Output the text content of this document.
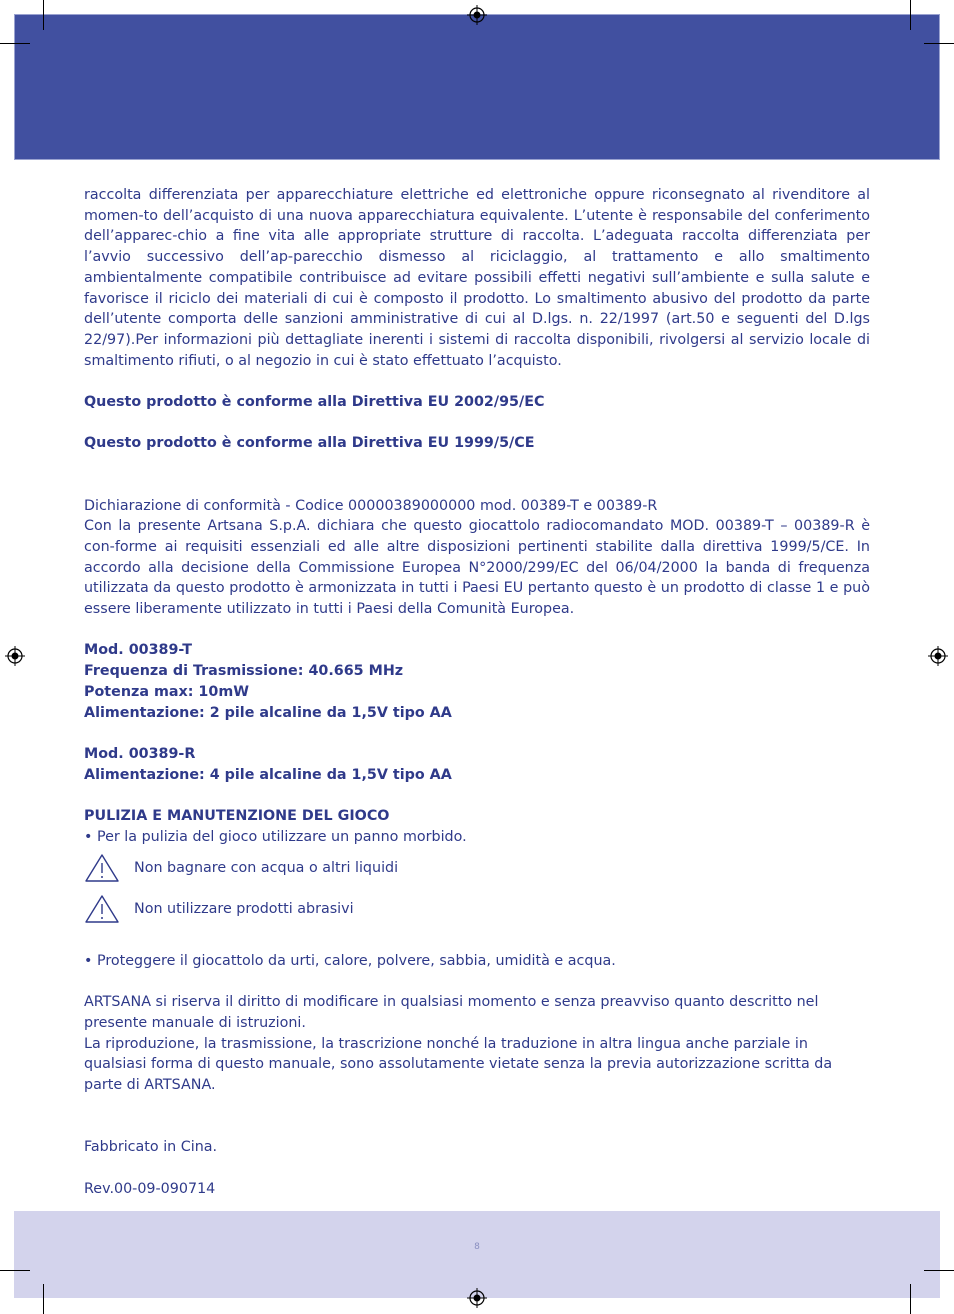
8

raccolta differenziata per apparecchiature elettriche ed elettroniche oppure riconsegnato al rivenditore al momen-to dell’acquisto di una nuova apparecchiatura equivalente. L’utente è responsabile del conferimento dell’apparec-chio a fine vita alle appropriate strutture di raccolta. L’adeguata raccolta differenziata per l’avvio successivo dell’ap-parecchio dismesso al riciclaggio, al trattamento e allo smaltimento ambientalmente compatibile contribuisce ad evitare possibili effetti negativi sull’ambiente e sulla salute e favorisce il riciclo dei materiali di cui è composto il prodotto. Lo smaltimento abusivo del prodotto da parte dell’utente comporta delle sanzioni amministrative di cui al D.lgs. n. 22/1997 (art.50 e seguenti del D.lgs 22/97).Per informazioni più dettagliate inerenti i sistemi di raccolta disponibili, rivolgersi al servizio locale di smaltimento rifiuti, o al negozio in cui è stato effettuato l’acquisto.

Questo prodotto è conforme alla Direttiva EU 2002/95/EC

Questo prodotto è conforme alla Direttiva EU 1999/5/CE

Dichiarazione di conformità - Codice 00000389000000 mod. 00389-T e 00389-R

Con la presente Artsana S.p.A. dichiara che questo giocattolo radiocomandato MOD. 00389-T – 00389-R è con-forme ai requisiti essenziali ed alle altre disposizioni pertinenti stabilite dalla direttiva 1999/5/CE. In accordo alla decisione della Commissione Europea N°2000/299/EC del 06/04/2000 la banda di frequenza utilizzata da questo prodotto è armonizzata in tutti i Paesi EU pertanto questo è un prodotto di classe 1 e può essere liberamente utilizzato in tutti i Paesi della Comunità Europea.

Mod. 00389-T

Frequenza di Trasmissione: 40.665 MHz

Potenza max: 10mW

Alimentazione: 2 pile alcaline da 1,5V tipo AA

Mod. 00389-R

Alimentazione: 4 pile alcaline da 1,5V tipo AA

PULIZIA E MANUTENZIONE DEL GIOCO

• Per la pulizia del gioco utilizzare un panno morbido.

Non bagnare con acqua o altri liquidi
Non utilizzare prodotti abrasivi

• Proteggere il giocattolo da urti, calore, polvere, sabbia, umidità e acqua.

ARTSANA si riserva il diritto di modificare in qualsiasi momento e senza preavviso quanto descritto nel presente manuale di istruzioni.

La riproduzione, la trasmissione, la trascrizione nonché la traduzione in altra lingua anche parziale in qualsiasi forma di questo manuale, sono assolutamente vietate senza la previa autorizzazione scritta da parte di ARTSANA.

Fabbricato in Cina.

Rev.00-09-090714
